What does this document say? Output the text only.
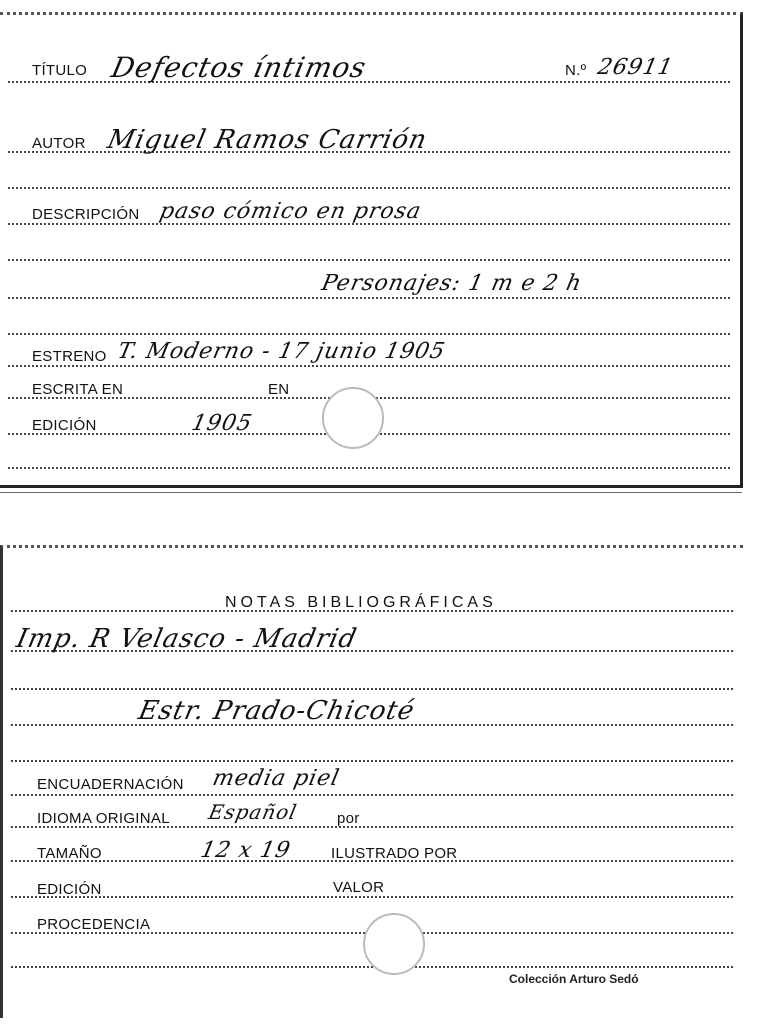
TÍTULO Defectos íntimos	N.º 26911
AUTOR Miguel Ramos Carrión
DESCRIPCIÓN paso cómico en prosa
Personajes: 1 m e 2 h
ESTRENO T. Moderno - 17 junio 1905
ESCRITA EN	EN
EDICIÓN	1905
NOTAS BIBLIOGRÁFICAS
Imp. R Velasco - Madrid
Estr. Prado-Chicoté
ENCUADERNACIÓN media piel
IDIOMA ORIGINAL Español	por
TAMAÑO	12 x 19	ILUSTRADO POR
EDICIÓN	VALOR
PROCEDENCIA
Colección Arturo Sedó
